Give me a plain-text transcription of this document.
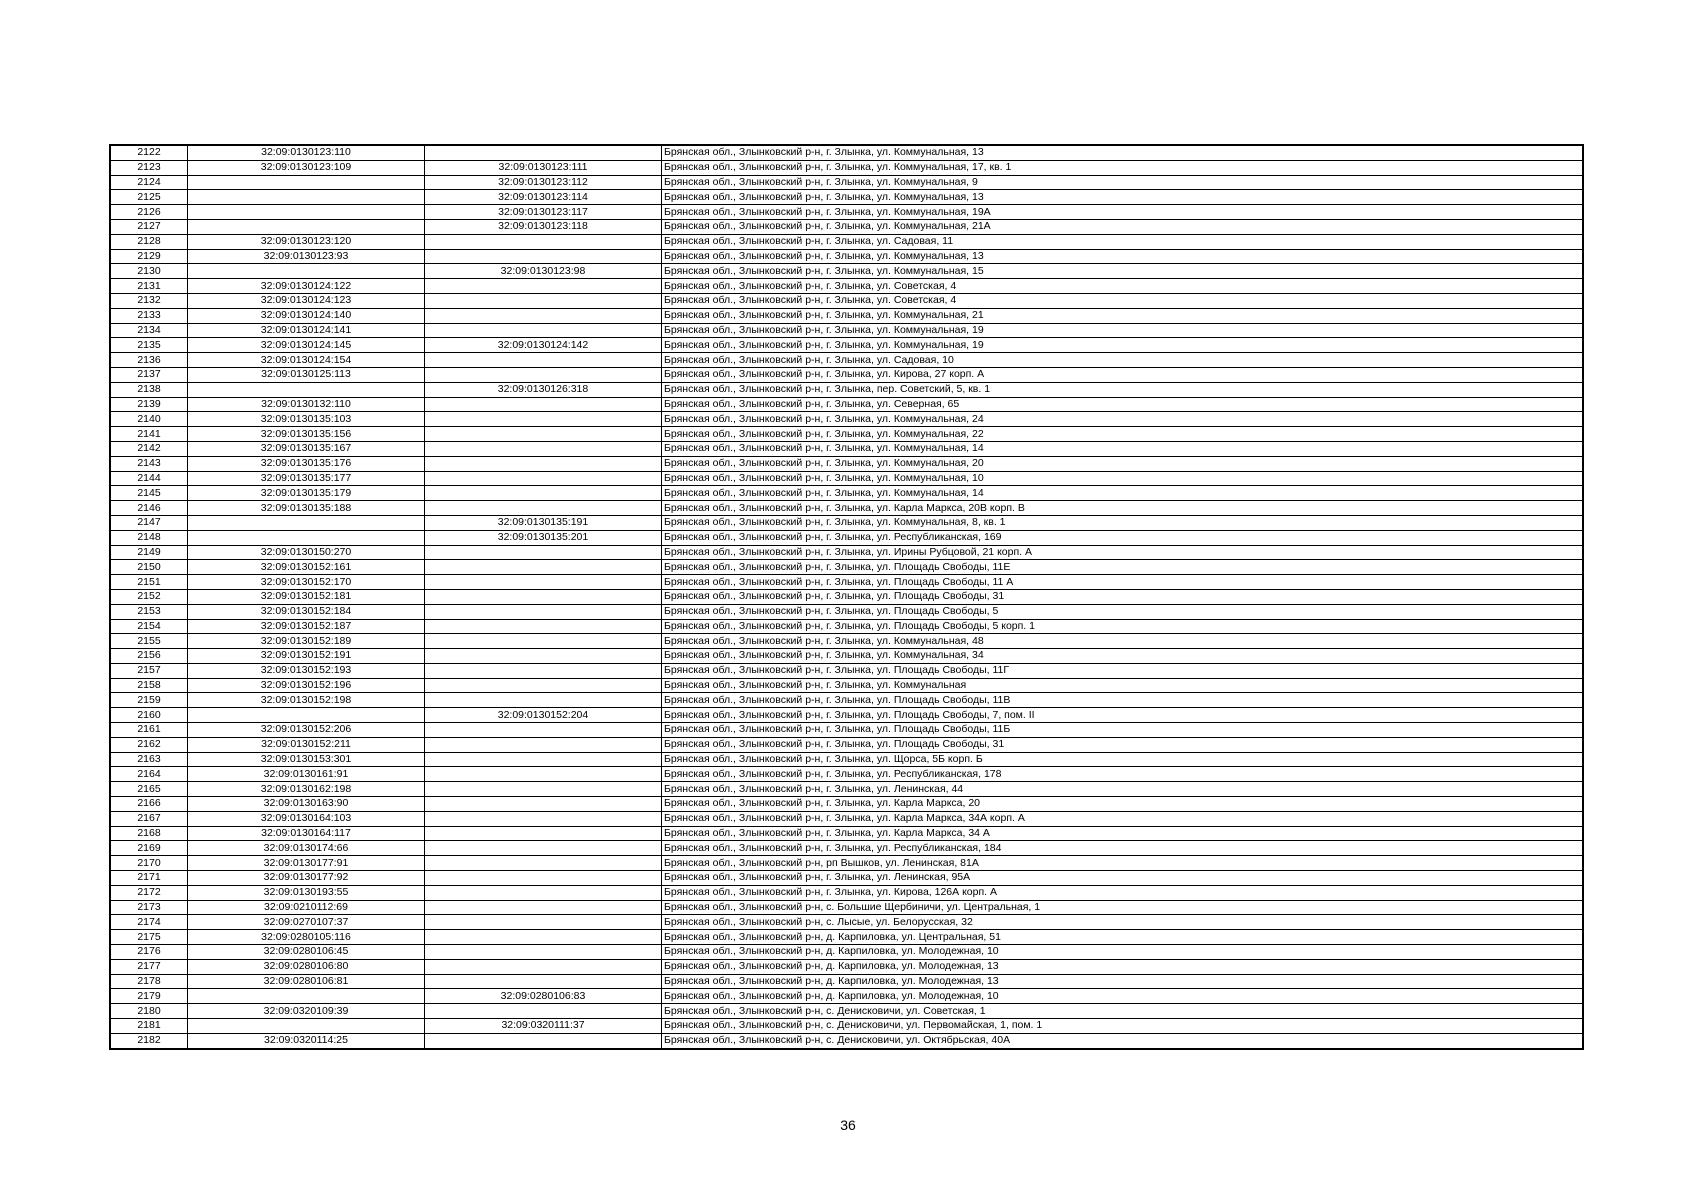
2122	32:09:0130123:110		Брянская обл., Злынковский р-н, г. Злынка, ул. Коммунальная, 13
2123	32:09:0130123:109	32:09:0130123:111	Брянская обл., Злынковский р-н, г. Злынка, ул. Коммунальная, 17, кв. 1
2124		32:09:0130123:112	Брянская обл., Злынковский р-н, г. Злынка, ул. Коммунальная, 9
2125		32:09:0130123:114	Брянская обл., Злынковский р-н, г. Злынка, ул. Коммунальная, 13
2126		32:09:0130123:117	Брянская обл., Злынковский р-н, г. Злынка, ул. Коммунальная, 19А
2127		32:09:0130123:118	Брянская обл., Злынковский р-н, г. Злынка, ул. Коммунальная, 21А
2128	32:09:0130123:120		Брянская обл., Злынковский р-н, г. Злынка, ул. Садовая, 11
2129	32:09:0130123:93		Брянская обл., Злынковский р-н, г. Злынка, ул. Коммунальная, 13
2130		32:09:0130123:98	Брянская обл., Злынковский р-н, г. Злынка, ул. Коммунальная, 15
2131	32:09:0130124:122		Брянская обл., Злынковский р-н, г. Злынка, ул. Советская, 4
2132	32:09:0130124:123		Брянская обл., Злынковский р-н, г. Злынка, ул. Советская, 4
2133	32:09:0130124:140		Брянская обл., Злынковский р-н, г. Злынка, ул. Коммунальная, 21
2134	32:09:0130124:141		Брянская обл., Злынковский р-н, г. Злынка, ул. Коммунальная, 19
2135	32:09:0130124:145	32:09:0130124:142	Брянская обл., Злынковский р-н, г. Злынка, ул. Коммунальная, 19
2136	32:09:0130124:154		Брянская обл., Злынковский р-н, г. Злынка, ул. Садовая, 10
2137	32:09:0130125:113		Брянская обл., Злынковский р-н, г. Злынка, ул. Кирова, 27 корп. А
2138		32:09:0130126:318	Брянская обл., Злынковский р-н, г. Злынка, пер. Советский, 5, кв. 1
2139	32:09:0130132:110		Брянская обл., Злынковский р-н, г. Злынка, ул. Северная, 65
2140	32:09:0130135:103		Брянская обл., Злынковский р-н, г. Злынка, ул. Коммунальная, 24
2141	32:09:0130135:156		Брянская обл., Злынковский р-н, г. Злынка, ул. Коммунальная, 22
2142	32:09:0130135:167		Брянская обл., Злынковский р-н, г. Злынка, ул. Коммунальная, 14
2143	32:09:0130135:176		Брянская обл., Злынковский р-н, г. Злынка, ул. Коммунальная, 20
2144	32:09:0130135:177		Брянская обл., Злынковский р-н, г. Злынка, ул. Коммунальная, 10
2145	32:09:0130135:179		Брянская обл., Злынковский р-н, г. Злынка, ул. Коммунальная, 14
2146	32:09:0130135:188		Брянская обл., Злынковский р-н, г. Злынка, ул. Карла Маркса, 20В корп. В
2147		32:09:0130135:191	Брянская обл., Злынковский р-н, г. Злынка, ул. Коммунальная, 8, кв. 1
2148		32:09:0130135:201	Брянская обл., Злынковский р-н, г. Злынка, ул. Республиканская, 169
2149	32:09:0130150:270		Брянская обл., Злынковский р-н, г. Злынка, ул. Ирины Рубцовой, 21 корп. А
2150	32:09:0130152:161		Брянская обл., Злынковский р-н, г. Злынка, ул. Площадь Свободы, 11Е
2151	32:09:0130152:170		Брянская обл., Злынковский р-н, г. Злынка, ул. Площадь Свободы, 11 А
2152	32:09:0130152:181		Брянская обл., Злынковский р-н, г. Злынка, ул. Площадь Свободы, 31
2153	32:09:0130152:184		Брянская обл., Злынковский р-н, г. Злынка, ул. Площадь Свободы, 5
2154	32:09:0130152:187		Брянская обл., Злынковский р-н, г. Злынка, ул. Площадь Свободы, 5 корп. 1
2155	32:09:0130152:189		Брянская обл., Злынковский р-н, г. Злынка, ул. Коммунальная, 48
2156	32:09:0130152:191		Брянская обл., Злынковский р-н, г. Злынка, ул. Коммунальная, 34
2157	32:09:0130152:193		Брянская обл., Злынковский р-н, г. Злынка, ул. Площадь Свободы, 11Г
2158	32:09:0130152:196		Брянская обл., Злынковский р-н, г. Злынка, ул. Коммунальная
2159	32:09:0130152:198		Брянская обл., Злынковский р-н, г. Злынка, ул. Площадь Свободы, 11В
2160		32:09:0130152:204	Брянская обл., Злынковский р-н, г. Злынка, ул. Площадь Свободы, 7, пом. II
2161	32:09:0130152:206		Брянская обл., Злынковский р-н, г. Злынка, ул. Площадь Свободы, 11Б
2162	32:09:0130152:211		Брянская обл., Злынковский р-н, г. Злынка, ул. Площадь Свободы, 31
2163	32:09:0130153:301		Брянская обл., Злынковский р-н, г. Злынка, ул. Щорса, 5Б корп. Б
2164	32:09:0130161:91		Брянская обл., Злынковский р-н, г. Злынка, ул. Республиканская, 178
2165	32:09:0130162:198		Брянская обл., Злынковский р-н, г. Злынка, ул. Ленинская, 44
2166	32:09:0130163:90		Брянская обл., Злынковский р-н, г. Злынка, ул. Карла Маркса, 20
2167	32:09:0130164:103		Брянская обл., Злынковский р-н, г. Злынка, ул. Карла Маркса, 34А корп. А
2168	32:09:0130164:117		Брянская обл., Злынковский р-н, г. Злынка, ул. Карла Маркса, 34 А
2169	32:09:0130174:66		Брянская обл., Злынковский р-н, г. Злынка, ул. Республиканская, 184
2170	32:09:0130177:91		Брянская обл., Злынковский р-н, рп Вышков, ул. Ленинская, 81А
2171	32:09:0130177:92		Брянская обл., Злынковский р-н, г. Злынка, ул. Ленинская, 95А
2172	32:09:0130193:55		Брянская обл., Злынковский р-н, г. Злынка, ул. Кирова, 126А корп. А
2173	32:09:0210112:69		Брянская обл., Злынковский р-н, с. Большие Щербиничи, ул. Центральная, 1
2174	32:09:0270107:37		Брянская обл., Злынковский р-н, с. Лысые, ул. Белорусская, 32
2175	32:09:0280105:116		Брянская обл., Злынковский р-н, д. Карпиловка, ул. Центральная, 51
2176	32:09:0280106:45		Брянская обл., Злынковский р-н, д. Карпиловка, ул. Молодежная, 10
2177	32:09:0280106:80		Брянская обл., Злынковский р-н, д. Карпиловка, ул. Молодежная, 13
2178	32:09:0280106:81		Брянская обл., Злынковский р-н, д. Карпиловка, ул. Молодежная, 13
2179		32:09:0280106:83	Брянская обл., Злынковский р-н, д. Карпиловка, ул. Молодежная, 10
2180	32:09:0320109:39		Брянская обл., Злынковский р-н, с. Денисковичи, ул. Советская, 1
2181		32:09:0320111:37	Брянская обл., Злынковский р-н, с. Денисковичи, ул. Первомайская, 1, пом. 1
2182	32:09:0320114:25		Брянская обл., Злынковский р-н, с. Денисковичи, ул. Октябрьская, 40А
36
